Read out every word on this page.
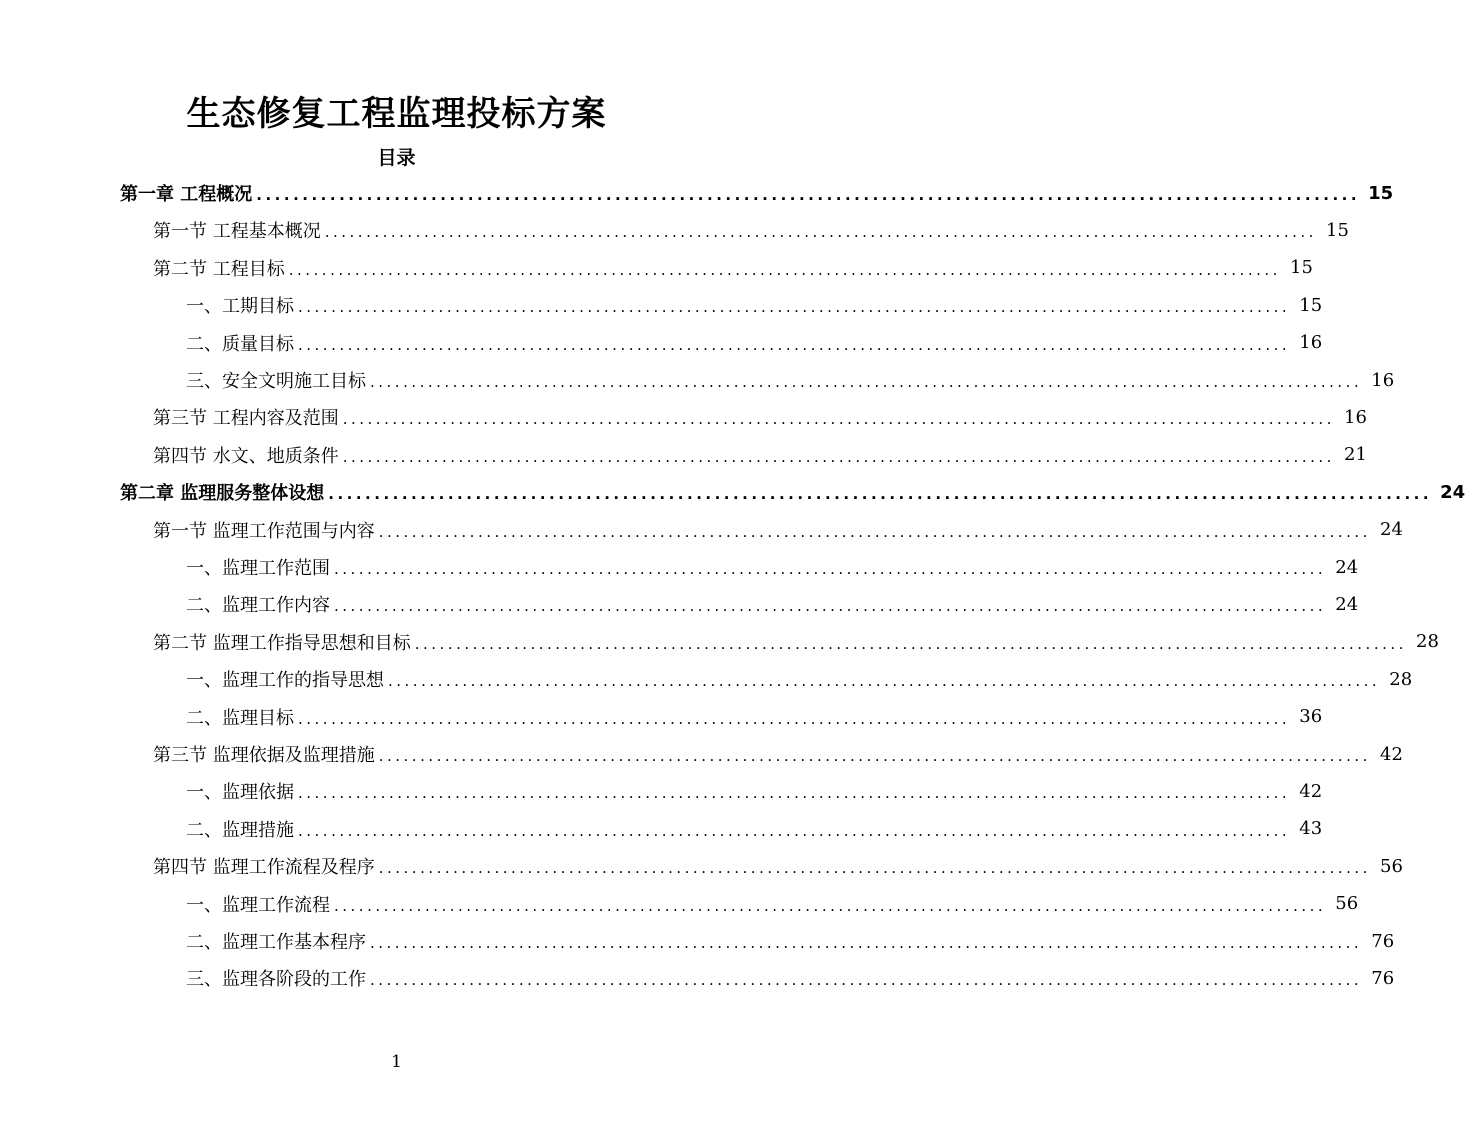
生态修复工程监理投标方案
目录
第一章 工程概况 ........................................................................................................................ 15
第一节 工程基本概况 ........................................................................................................................ 15
第二节 工程目标 ........................................................................................................................ 15
一、工期目标 ........................................................................................................................ 15
二、质量目标 ........................................................................................................................ 16
三、安全文明施工目标 ........................................................................................................................ 16
第三节 工程内容及范围 ........................................................................................................................ 16
第四节 水文、地质条件 ........................................................................................................................ 21
第二章 监理服务整体设想 ........................................................................................................................ 24
第一节 监理工作范围与内容 ........................................................................................................................ 24
一、监理工作范围 ........................................................................................................................ 24
二、监理工作内容 ........................................................................................................................ 24
第二节 监理工作指导思想和目标 ........................................................................................................................ 28
一、监理工作的指导思想 ........................................................................................................................ 28
二、监理目标 ........................................................................................................................ 36
第三节 监理依据及监理措施 ........................................................................................................................ 42
一、监理依据 ........................................................................................................................ 42
二、监理措施 ........................................................................................................................ 43
第四节 监理工作流程及程序 ........................................................................................................................ 56
一、监理工作流程 ........................................................................................................................ 56
二、监理工作基本程序 ........................................................................................................................ 76
三、监理各阶段的工作 ........................................................................................................................ 76
1
